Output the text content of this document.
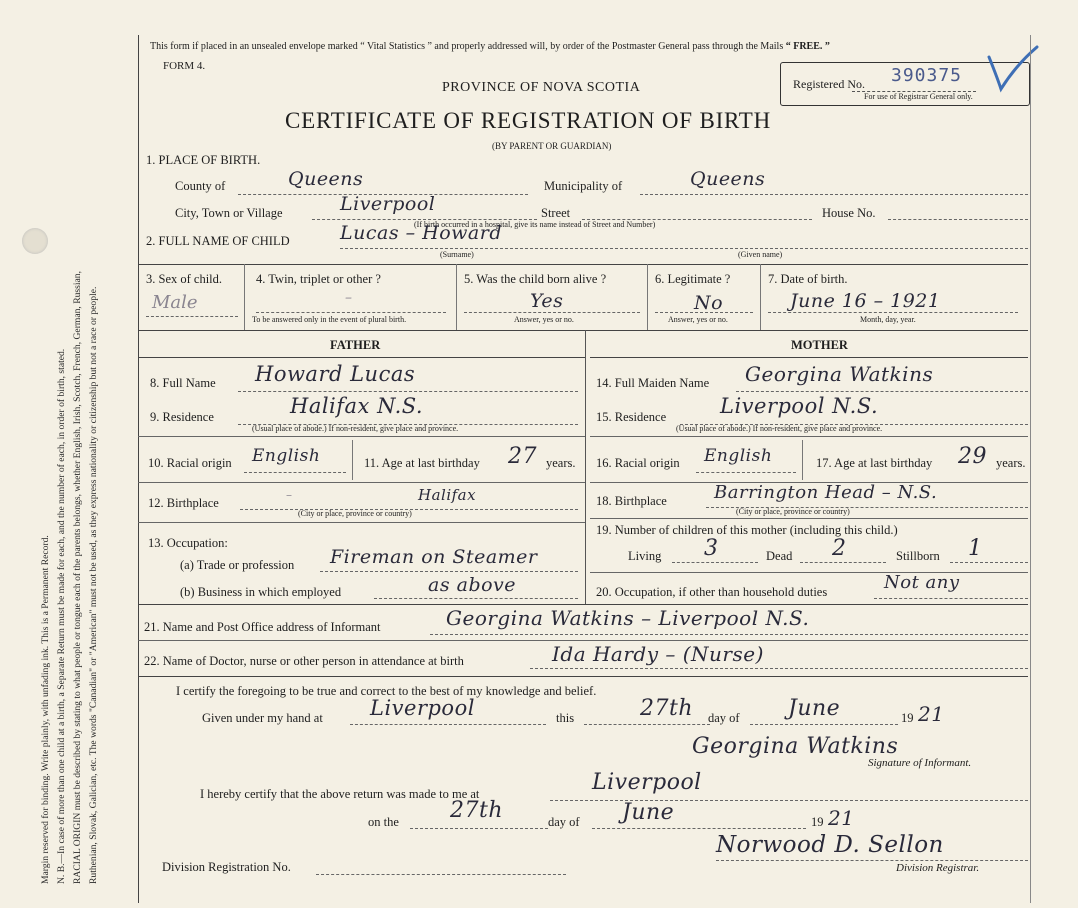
Margin reserved for binding. Write plainly, with unfading ink. This is a Permanent Record. N. B.—In case of more than one child at a birth, a Separate Return must be made for each, and the number of each, in order of birth, stated. RACIAL ORIGIN must be described by stating to what people or tongue each of the parents belongs, whether English, Irish, Scotch, French, German, Russian, Ruthenian, Slovak, Galician, etc. The words "Canadian" or "American" must not be used, as they express nationality or citizenship but not a race or people.
This form if placed in an unsealed envelope marked “ Vital Statistics ” and properly addressed will, by order of the Postmaster General pass through the Mails “ FREE. ”
FORM 4.
PROVINCE OF NOVA SCOTIA
CERTIFICATE OF REGISTRATION OF BIRTH
(BY PARENT OR GUARDIAN)
Registered No. 390375
For use of Registrar General only.
1. PLACE OF BIRTH.
County of	Queens	Municipality of	Queens
City, Town or Village	Liverpool	Street
(If birth occurred in a hospital, give its name instead of Street and Number)
House No.
2. FULL NAME OF CHILD	Lucas – Howard
(Surname)	(Given name)
3. Sex of child.
Male
4. Twin, triplet or other ?
–
To be answered only in the event of plural birth.
5. Was the child born alive ?
Yes
Answer, yes or no.
6. Legitimate ?
No
Answer, yes or no.
7. Date of birth.
June 16 – 1921
Month, day, year.
FATHER	MOTHER
8. Full Name Howard Lucas
9. Residence	Halifax N.S.
(Usual place of abode.) If non-resident, give place and province.
10. Racial origin English	11. Age at last birthday 27 years.
12. Birthplace
–	Halifax
(City or place, province or country)
13. Occupation:
(a) Trade or profession Fireman on Steamer
(b) Business in which employed	as above
14. Full Maiden Name Georgina Watkins
15. Residence	Liverpool N.S.
(Usual place of abode.) If non-resident, give place and province.
16. Racial origin English	17. Age at last birthday 29 years.
18. Birthplace	Barrington Head – N.S.
(City or place, province or country)
19. Number of children of this mother (including this child.)
Living 3	Dead 2	Stillborn 1
20. Occupation, if other than household duties	Not any
21. Name and Post Office address of Informant	Georgina Watkins – Liverpool N.S.
22. Name of Doctor, nurse or other person in attendance at birth	Ida Hardy – (Nurse)
I certify the foregoing to be true and correct to the best of my knowledge and belief.
Given under my hand at Liverpool	this	27th day of June	19 21
Georgina Watkins
Signature of Informant.
I hereby certify that the above return was made to me at	Liverpool
on the 27th	day of June	19 21
Norwood D. Sellon
Division Registration No.	Division Registrar.
